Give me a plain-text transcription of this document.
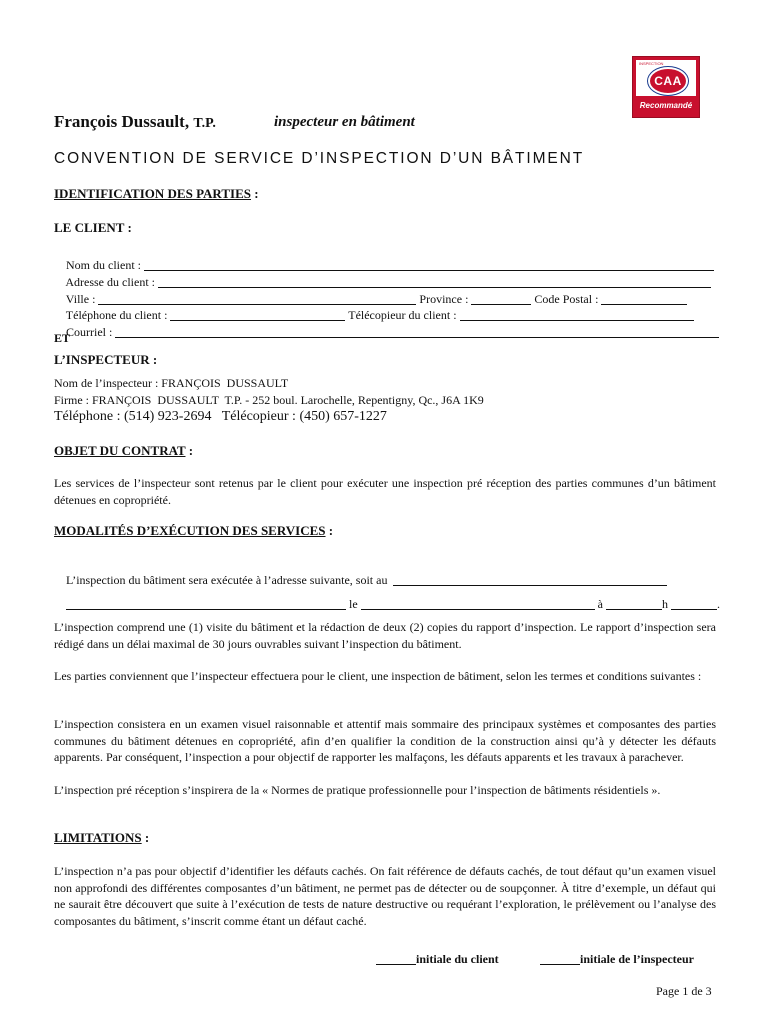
INSPECTION
CAA
Recommandé
François Dussault, T.P.	inspecteur en bâtiment
CONVENTION DE SERVICE D’INSPECTION D’UN BÂTIMENT
IDENTIFICATION DES PARTIES :
LE CLIENT :

Nom du client :

Adresse du client :

Ville :	Province :	Code Postal :

Téléphone du client :	Télécopieur du client :

Courriel :

ET
L’INSPECTEUR :
Nom de l’inspecteur : FRANÇOIS  DUSSAULT
Firme : FRANÇOIS  DUSSAULT  T.P. - 252 boul. Larochelle, Repentigny, Qc., J6A 1K9
Téléphone : (514) 923-2694   Télécopieur : (450) 657-1227
OBJET DU CONTRAT :

Les services de l’inspecteur sont retenus par le client pour exécuter une inspection pré réception des parties communes d’un bâtiment détenues en copropriété.

MODALITÉS D’EXÉCUTION DES SERVICES :

L’inspection du bâtiment sera exécutée à l’adresse suivante, soit au

le	à	h	.

L’inspection comprend une (1) visite du bâtiment et la rédaction de deux (2) copies du rapport d’inspection. Le rapport d’inspection sera rédigé dans un délai maximal de 30 jours ouvrables suivant l’inspection du bâtiment.

Les parties conviennent que l’inspecteur effectuera pour le client, une inspection de bâtiment, selon les termes et conditions suivantes :

L’inspection consistera en un examen visuel raisonnable et attentif mais sommaire des principaux systèmes et composantes des parties communes du bâtiment détenues en copropriété, afin d’en qualifier la condition de la construction ainsi qu’à y détecter les défauts apparents. Par conséquent, l’inspection a pour objectif de rapporter les malfaçons, les défauts apparents et les travaux à parachever.

L’inspection pré réception s’inspirera de la « Normes de pratique professionnelle pour l’inspection de bâtiments résidentiels ».

LIMITATIONS :

L’inspection n’a pas pour objectif d’identifier les défauts cachés. On fait référence de défauts cachés, de tout défaut qu’un examen visuel non approfondi des différentes composantes d’un bâtiment, ne permet pas de détecter ou de soupçonner. À titre d’exemple, un défaut qui ne saurait être découvert que suite à l’exécution de tests de nature destructive ou requérant l’exploration, le prélèvement ou l’analyse des composantes du bâtiment, s’inscrit comme étant un défaut caché.

initiale du client	initiale de l’inspecteur
Page 1 de 3
